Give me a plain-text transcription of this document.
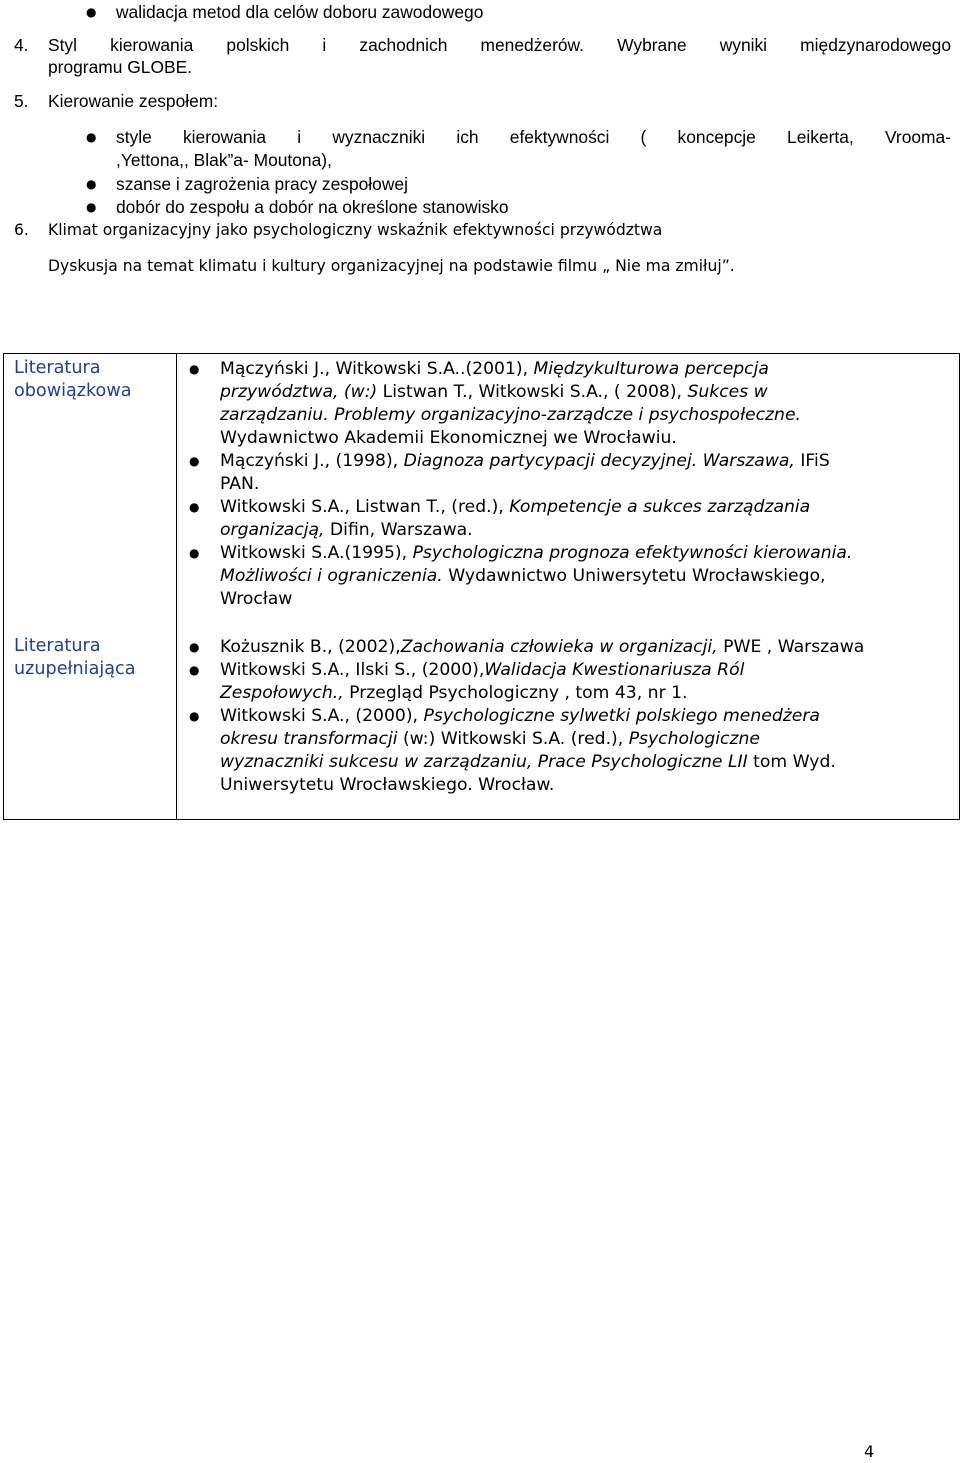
● walidacja metod dla celów doboru zawodowego
4. Styl kierowania polskich i zachodnich menedżerów. Wybrane wyniki międzynarodowego
programu GLOBE.
5. Kierowanie zespołem:
● style kierowania i wyznaczniki ich efektywności ( koncepcje Leikerta, Vrooma-
,Yettona,, Blak”a- Moutona),
● szanse i zagrożenia pracy zespołowej
● dobór do zespołu a dobór na określone stanowisko
6. Klimat organizacyjny jako psychologiczny wskaźnik efektywności przywództwa
Dyskusja na temat klimatu i kultury organizacyjnej na podstawie filmu „ Nie ma zmiłuj”.
Literatura
obowiązkowa
Literatura
uzupełniająca
● Mączyński J., Witkowski S.A..(2001), Międzykulturowa percepcja
przywództwa, (w:) Listwan T., Witkowski S.A., ( 2008), Sukces w
zarządzaniu. Problemy organizacyjno-zarządcze i psychospołeczne.
Wydawnictwo Akademii Ekonomicznej we Wrocławiu.
● Mączyński J., (1998), Diagnoza partycypacji decyzyjnej. Warszawa, IFiS
PAN.
● Witkowski S.A., Listwan T., (red.), Kompetencje a sukces zarządzania
organizacją, Difin, Warszawa.
● Witkowski S.A.(1995), Psychologiczna prognoza efektywności kierowania.
Możliwości i ograniczenia. Wydawnictwo Uniwersytetu Wrocławskiego,
Wrocław
● Kożusznik B., (2002),Zachowania człowieka w organizacji, PWE , Warszawa
● Witkowski S.A., Ilski S., (2000),Walidacja Kwestionariusza Ról
Zespołowych., Przegląd Psychologiczny , tom 43, nr 1.
● Witkowski S.A., (2000), Psychologiczne sylwetki polskiego menedżera
okresu transformacji (w:) Witkowski S.A. (red.), Psychologiczne
wyznaczniki sukcesu w zarządzaniu, Prace Psychologiczne LII tom Wyd.
Uniwersytetu Wrocławskiego. Wrocław.
4
